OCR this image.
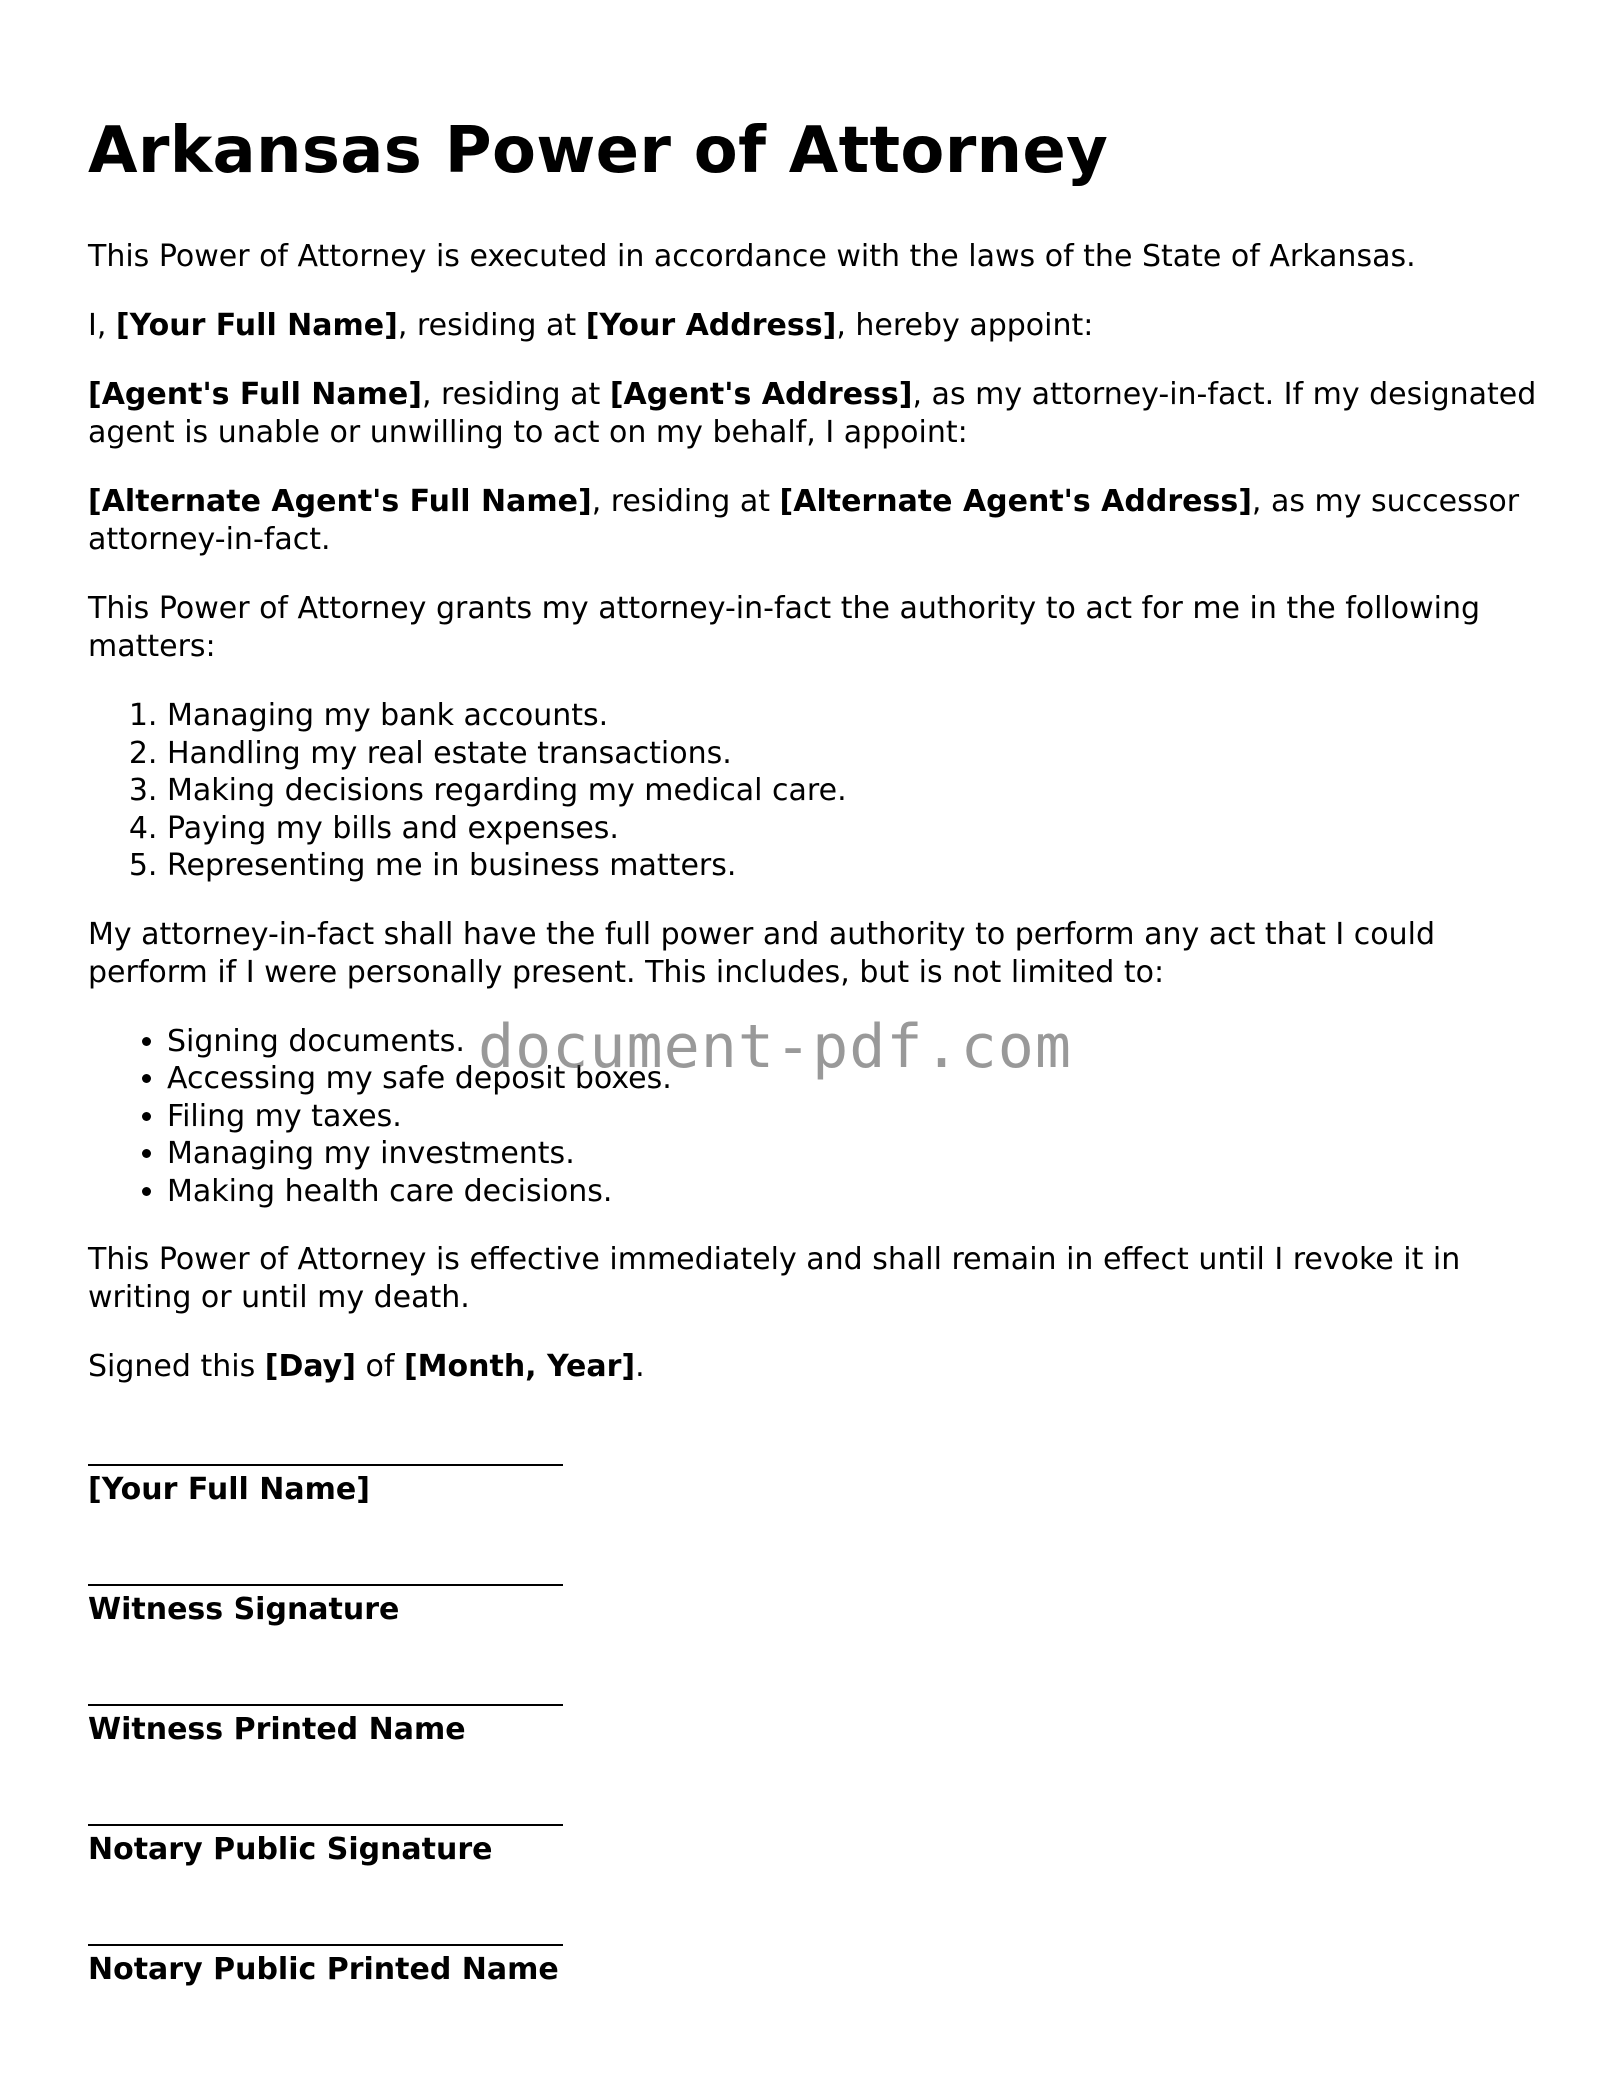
Arkansas Power of Attorney

This Power of Attorney is executed in accordance with the laws of the State of Arkansas.

I, [Your Full Name], residing at [Your Address], hereby appoint:

[Agent's Full Name], residing at [Agent's Address], as my attorney-in-fact. If my designated agent is unable or unwilling to act on my behalf, I appoint:

[Alternate Agent's Full Name], residing at [Alternate Agent's Address], as my successor attorney-in-fact.

This Power of Attorney grants my attorney-in-fact the authority to act for me in the following matters:

1. Managing my bank accounts.
2. Handling my real estate transactions.
3. Making decisions regarding my medical care.
4. Paying my bills and expenses.
5. Representing me in business matters.

My attorney-in-fact shall have the full power and authority to perform any act that I could perform if I were personally present. This includes, but is not limited to:

• Signing documents.
• Accessing my safe deposit boxes.
• Filing my taxes.
• Managing my investments.
• Making health care decisions.

This Power of Attorney is effective immediately and shall remain in effect until I revoke it in writing or until my death.

Signed this [Day] of [Month, Year].

[Your Full Name]
Witness Signature
Witness Printed Name
Notary Public Signature
Notary Public Printed Name
document-pdf.com
